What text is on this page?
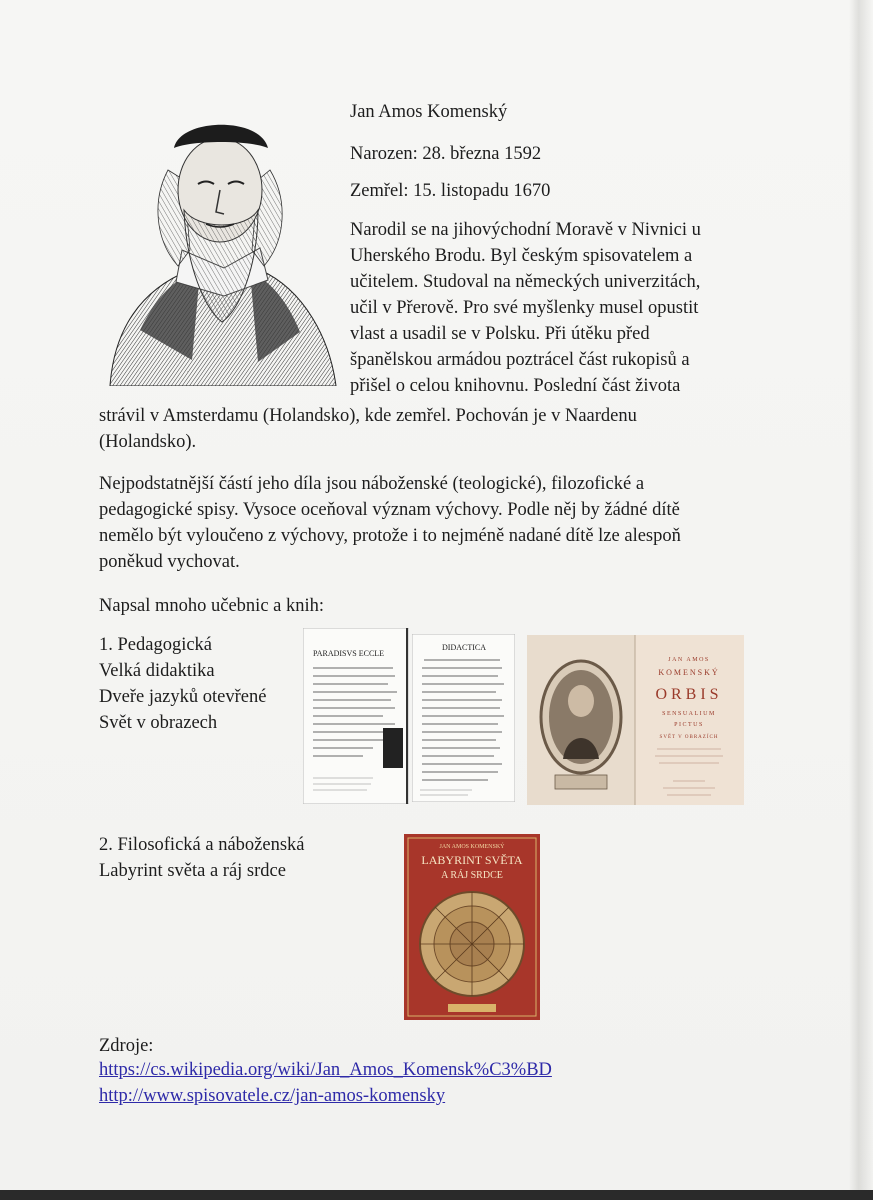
Jan Amos Komenský
Narozen: 28. března 1592
Zemřel: 15. listopadu 1670
Narodil se na jihovýchodní Moravě v Nivnici u
Uherského Brodu. Byl českým spisovatelem a
učitelem. Studoval na německých univerzitách,
učil v Přerově. Pro své myšlenky musel opustit
vlast a usadil se v Polsku. Při útěku před
španělskou armádou poztrácel část rukopisů a
přišel o celou knihovnu. Poslední část života
strávil v Amsterdamu (Holandsko), kde zemřel. Pochován je v Naardenu
(Holandsko).
Nejpodstatnější částí jeho díla jsou náboženské (teologické), filozofické a
pedagogické spisy. Vysoce oceňoval význam výchovy. Podle něj by žádné dítě
nemělo být vyloučeno z výchovy, protože i to nejméně nadané dítě lze alespoň
poněkud vychovat.
Napsal mnoho učebnic a knih:
1. Pedagogická
Velká didaktika
Dveře jazyků otevřené
Svět v obrazech
PARADISVS ECCLE
DIDACTICA
JAN AMOS
KOMENSKÝ
ORBIS
SENSUALIUM
PICTUS
SVĚT V OBRAZÍCH
2. Filosofická a náboženská
Labyrint světa a ráj srdce
JAN AMOS KOMENSKÝ
LABYRINT SVĚTA
A RÁJ SRDCE
Zdroje:
https://cs.wikipedia.org/wiki/Jan_Amos_Komensk%C3%BD
http://www.spisovatele.cz/jan-amos-komensky
